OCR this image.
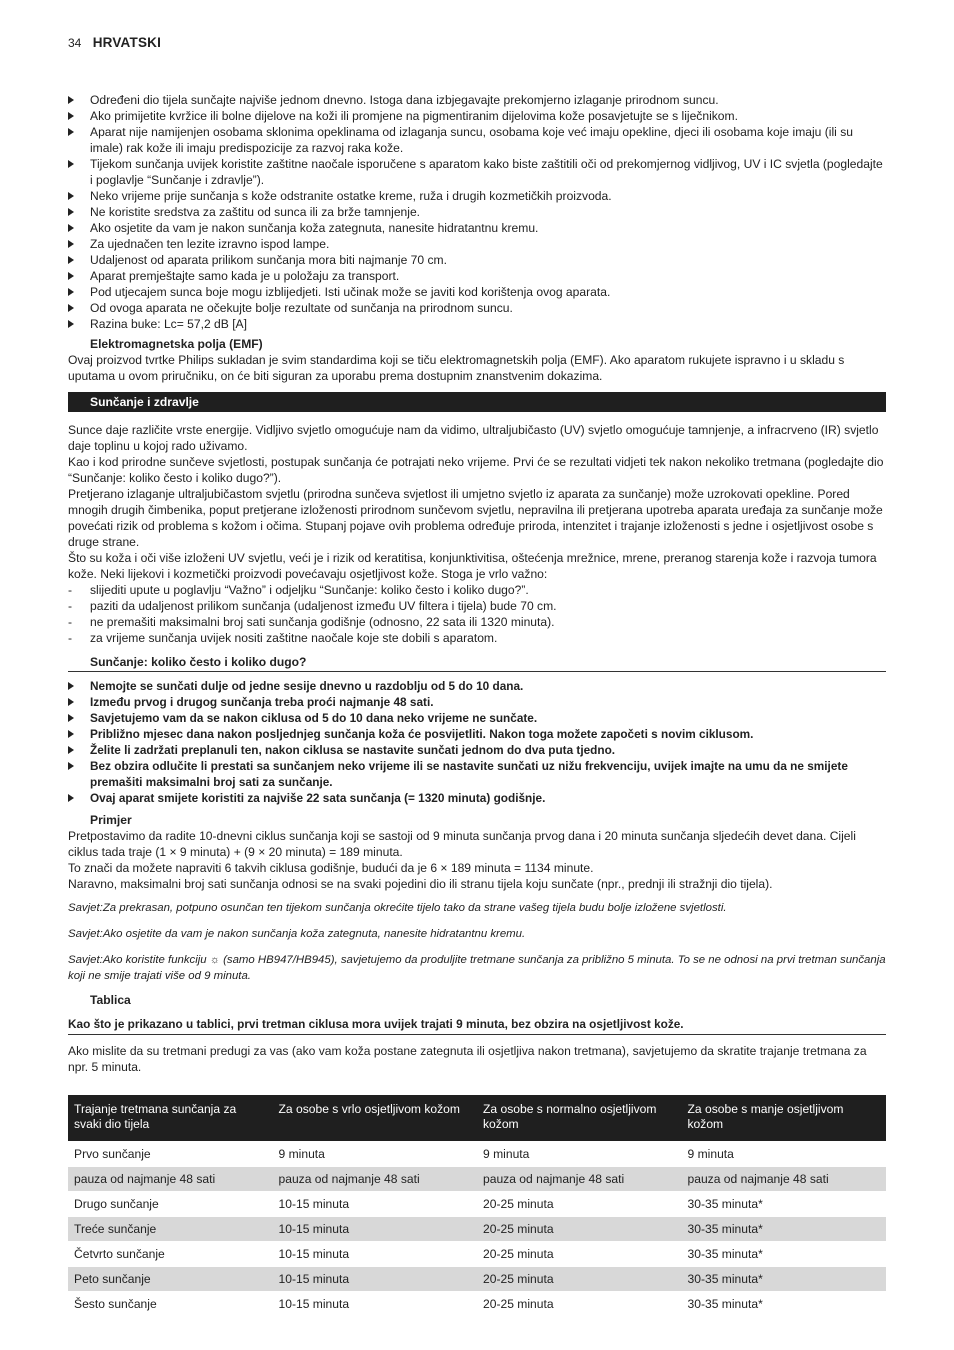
34 HRVATSKI
Određeni dio tijela sunčajte najviše jednom dnevno. Istoga dana izbjegavajte prekomjerno izlaganje prirodnom suncu.
Ako primijetite kvržice ili bolne dijelove na koži ili promjene na pigmentiranim dijelovima kože posavjetujte se s liječnikom.
Aparat nije namijenjen osobama sklonima opeklinama od izlaganja suncu, osobama koje već imaju opekline, djeci ili osobama koje imaju (ili su imale) rak kože ili imaju predispozicije za razvoj raka kože.
Tijekom sunčanja uvijek koristite zaštitne naočale isporučene s aparatom kako biste zaštitili oči od prekomjernog vidljivog, UV i IC svjetla (pogledajte i poglavlje “Sunčanje i zdravlje”).
Neko vrijeme prije sunčanja s kože odstranite ostatke kreme, ruža i drugih kozmetičkih proizvoda.
Ne koristite sredstva za zaštitu od sunca ili za brže tamnjenje.
Ako osjetite da vam je nakon sunčanja koža zategnuta, nanesite hidratantnu kremu.
Za ujednačen ten lezite izravno ispod lampe.
Udaljenost od aparata prilikom sunčanja mora biti najmanje 70 cm.
Aparat premještajte samo kada je u položaju za transport.
Pod utjecajem sunca boje mogu izblijedjeti. Isti učinak može se javiti kod korištenja ovog aparata.
Od ovoga aparata ne očekujte bolje rezultate od sunčanja na prirodnom suncu.
Razina buke: Lc= 57,2 dB [A]
Elektromagnetska polja (EMF)

Ovaj proizvod tvrtke Philips sukladan je svim standardima koji se tiču elektromagnetskih polja (EMF). Ako aparatom rukujete ispravno i u skladu s uputama u ovom priručniku, on će biti siguran za uporabu prema dostupnim znanstvenim dokazima.

Sunčanje i zdravlje

Sunce daje različite vrste energije. Vidljivo svjetlo omogućuje nam da vidimo, ultraljubičasto (UV) svjetlo omogućuje tamnjenje, a infracrveno (IR) svjetlo daje toplinu u kojoj rado uživamo.

Kao i kod prirodne sunčeve svjetlosti, postupak sunčanja će potrajati neko vrijeme. Prvi će se rezultati vidjeti tek nakon nekoliko tretmana (pogledajte dio “Sunčanje: koliko često i koliko dugo?”).

Pretjerano izlaganje ultraljubičastom svjetlu (prirodna sunčeva svjetlost ili umjetno svjetlo iz aparata za sunčanje) može uzrokovati opekline. Pored mnogih drugih čimbenika, poput pretjerane izloženosti prirodnom sunčevom svjetlu, nepravilna ili pretjerana upotreba aparata uređaja za sunčanje može povećati rizik od problema s kožom i očima. Stupanj pojave ovih problema određuje priroda, intenzitet i trajanje izloženosti s jedne i osjetljivost osobe s druge strane.

Što su koža i oči više izloženi UV svjetlu, veći je i rizik od keratitisa, konjunktivitisa, oštećenja mrežnice, mrene, preranog starenja kože i razvoja tumora kože. Neki lijekovi i kozmetički proizvodi povećavaju osjetljivost kože. Stoga je vrlo važno:

- slijediti upute u poglavlju “Važno” i odjeljku “Sunčanje: koliko često i koliko dugo?”.
- paziti da udaljenost prilikom sunčanja (udaljenost između UV filtera i tijela) bude 70 cm.
- ne premašiti maksimalni broj sati sunčanja godišnje (odnosno, 22 sata ili 1320 minuta).
- za vrijeme sunčanja uvijek nositi zaštitne naočale koje ste dobili s aparatom.
Sunčanje: koliko često i koliko dugo?
Nemojte se sunčati dulje od jedne sesije dnevno u razdoblju od 5 do 10 dana.
Između prvog i drugog sunčanja treba proći najmanje 48 sati.
Savjetujemo vam da se nakon ciklusa od 5 do 10 dana neko vrijeme ne sunčate.
Približno mjesec dana nakon posljednjeg sunčanja koža će posvijetliti. Nakon toga možete započeti s novim ciklusom.
Želite li zadržati preplanuli ten, nakon ciklusa se nastavite sunčati jednom do dva puta tjedno.
Bez obzira odlučite li prestati sa sunčanjem neko vrijeme ili se nastavite sunčati uz nižu frekvenciju, uvijek imajte na umu da ne smijete premašiti maksimalni broj sati za sunčanje.
Ovaj aparat smijete koristiti za najviše 22 sata sunčanja (= 1320 minuta) godišnje.
Primjer

Pretpostavimo da radite 10-dnevni ciklus sunčanja koji se sastoji od 9 minuta sunčanja prvog dana i 20 minuta sunčanja sljedećih devet dana. Cijeli ciklus tada traje (1 × 9 minuta) + (9 × 20 minuta) = 189 minuta.

To znači da možete napraviti 6 takvih ciklusa godišnje, budući da je 6 × 189 minuta = 1134 minute.

Naravno, maksimalni broj sati sunčanja odnosi se na svaki pojedini dio ili stranu tijela koju sunčate (npr., prednji ili stražnji dio tijela).

Savjet:Za prekrasan, potpuno osunčan ten tijekom sunčanja okrećite tijelo tako da strane vašeg tijela budu bolje izložene svjetlosti.

Savjet:Ako osjetite da vam je nakon sunčanja koža zategnuta, nanesite hidratantnu kremu.

Savjet:Ako koristite funkciju ☼ (samo HB947/HB945), savjetujemo da produljite tretmane sunčanja za približno 5 minuta. To se ne odnosi na prvi tretman sunčanja koji ne smije trajati više od 9 minuta.

Tablica
Kao što je prikazano u tablici, prvi tretman ciklusa mora uvijek trajati 9 minuta, bez obzira na osjetljivost kože.

Ako mislite da su tretmani predugi za vas (ako vam koža postane zategnuta ili osjetljiva nakon tretmana), savjetujemo da skratite trajanje tretmana za npr. 5 minuta.

Trajanje tretmana sunčanja za svaki dio tijela	Za osobe s vrlo osjetljivom kožom	Za osobe s normalno osjetljivom kožom	Za osobe s manje osjetljivom kožom
Prvo sunčanje	9 minuta	9 minuta	9 minuta
pauza od najmanje 48 sati	pauza od najmanje 48 sati	pauza od najmanje 48 sati	pauza od najmanje 48 sati
Drugo sunčanje	10-15 minuta	20-25 minuta	30-35 minuta*
Treće sunčanje	10-15 minuta	20-25 minuta	30-35 minuta*
Četvrto sunčanje	10-15 minuta	20-25 minuta	30-35 minuta*
Peto sunčanje	10-15 minuta	20-25 minuta	30-35 minuta*
Šesto sunčanje	10-15 minuta	20-25 minuta	30-35 minuta*
